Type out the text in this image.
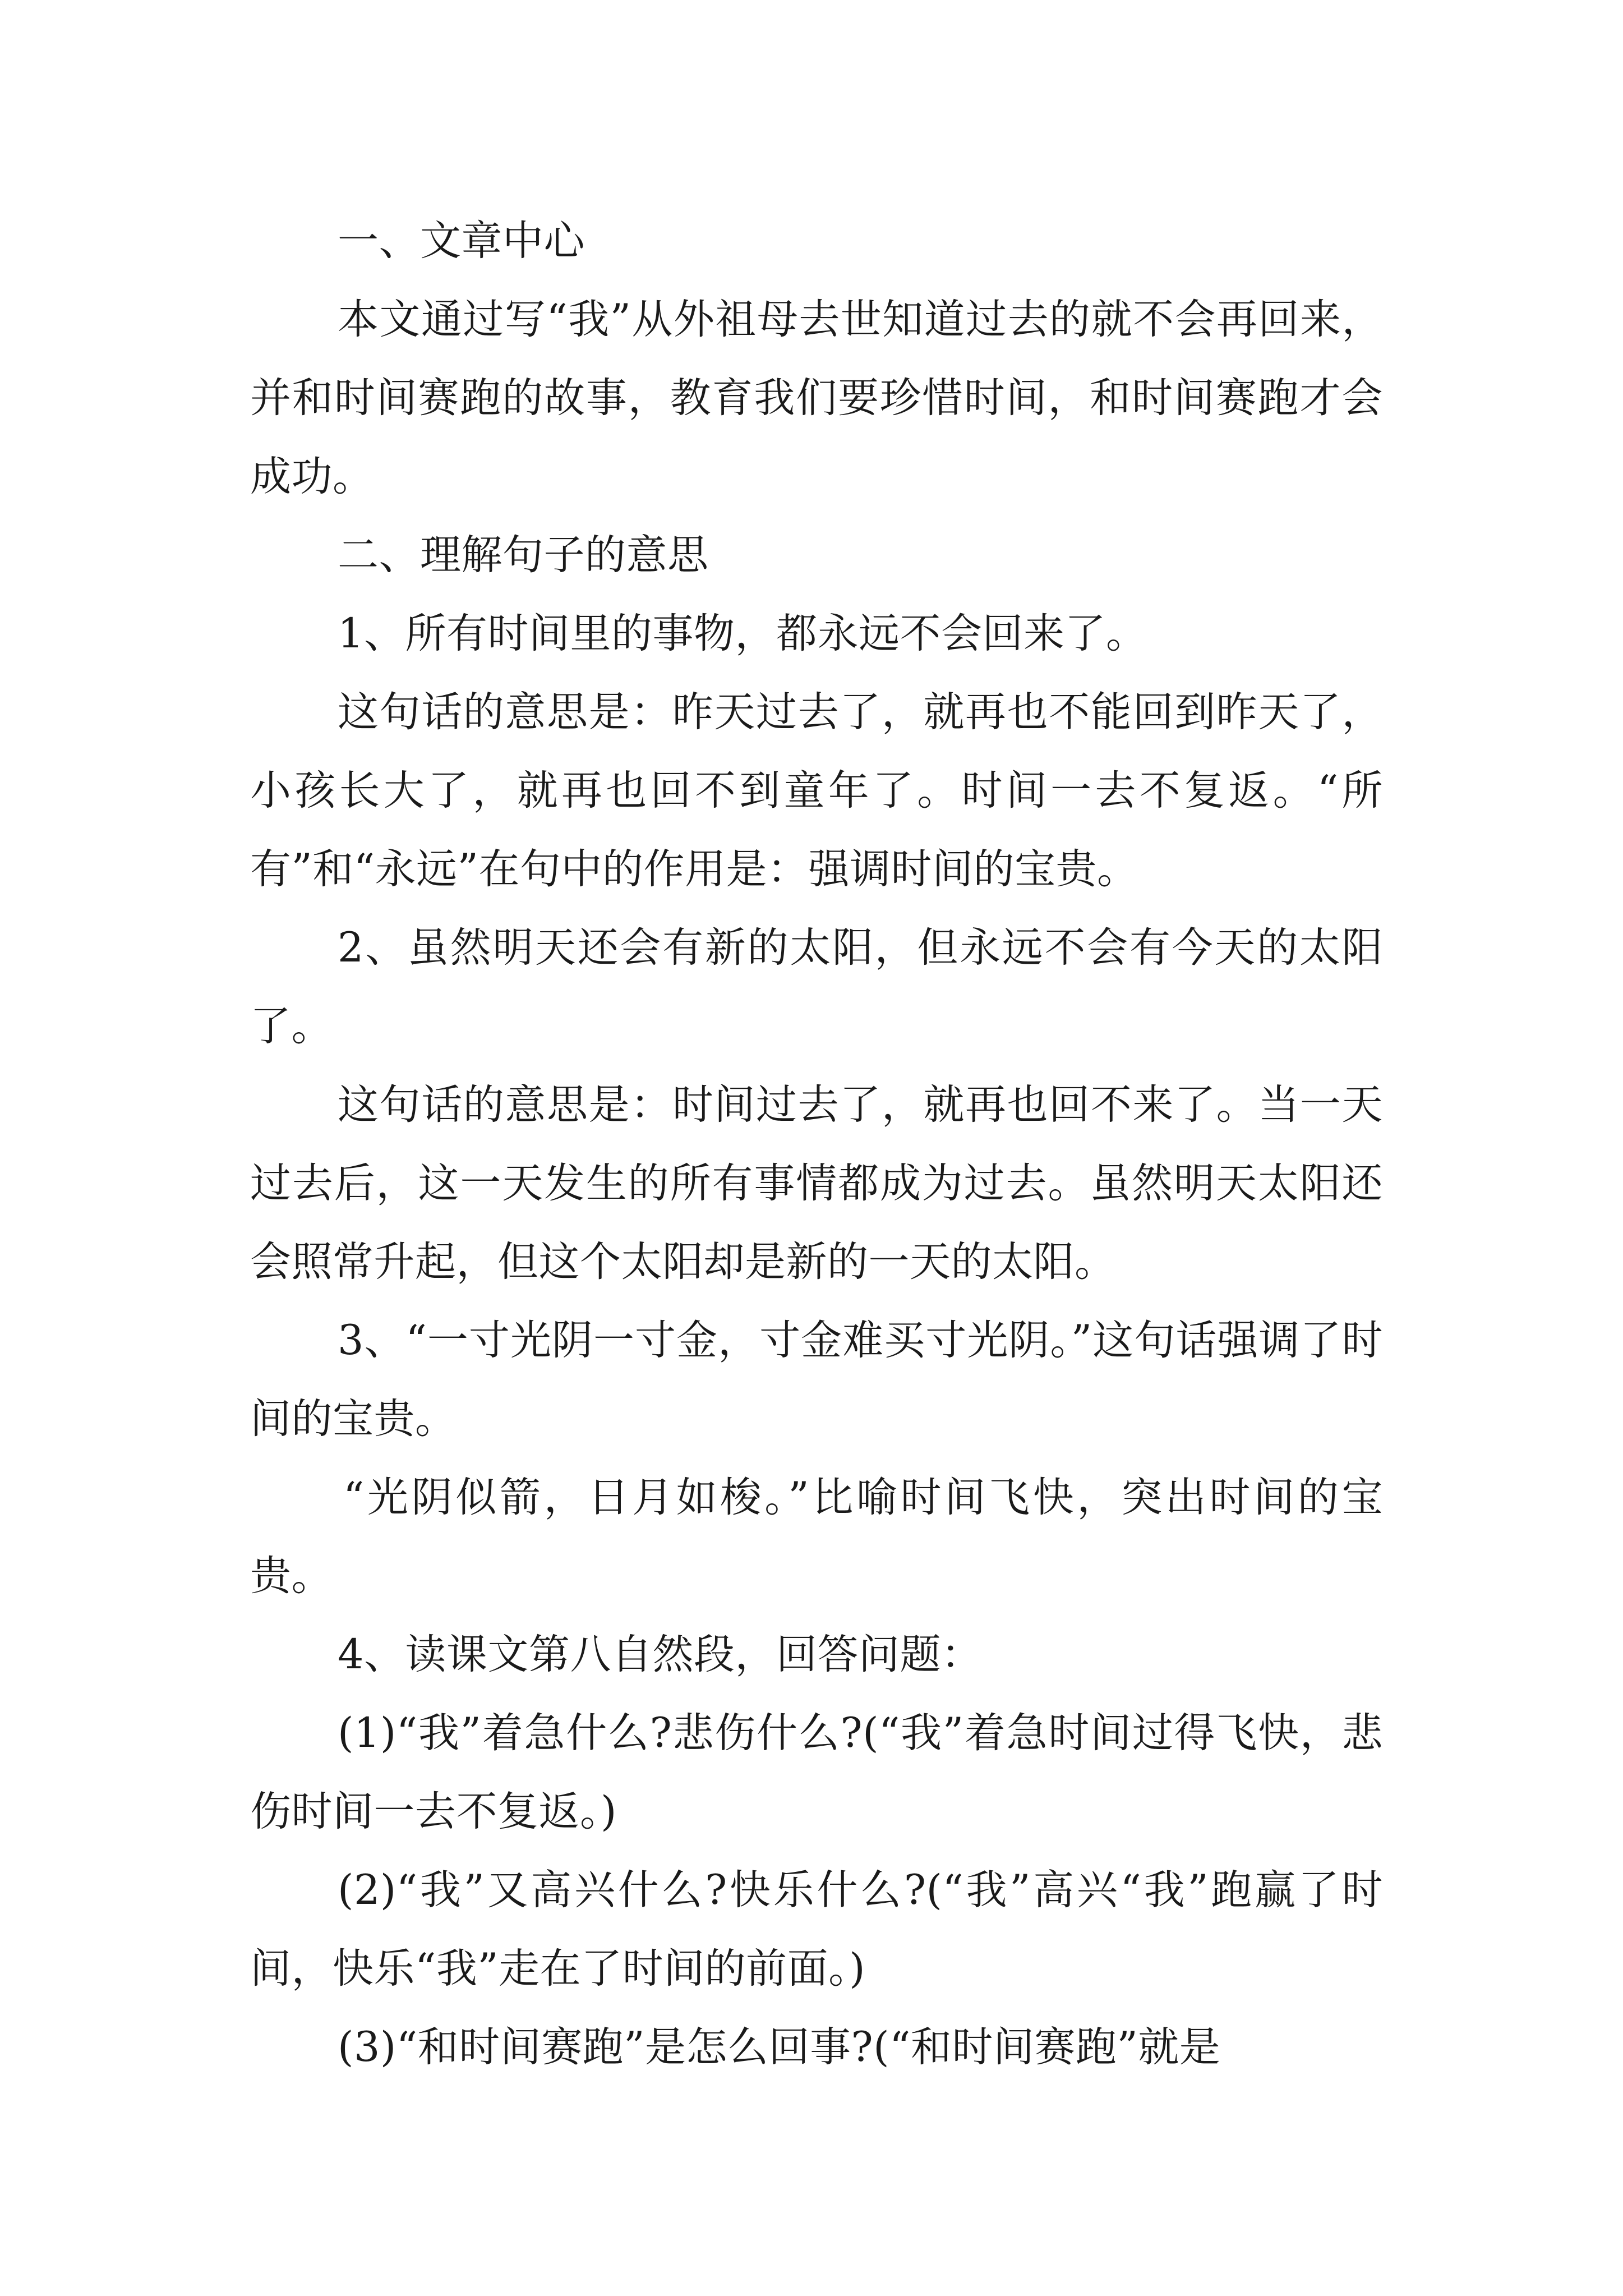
一、文章中心

本文通过写“我”从外祖母去世知道过去的就不会再回来，并和时间赛跑的故事，教育我们要珍惜时间，和时间赛跑才会成功。

二、理解句子的意思

1、所有时间里的事物，都永远不会回来了。

这句话的意思是：昨天过去了，就再也不能回到昨天了，小孩长大了，就再也回不到童年了。时间一去不复返。“所有”和“永远”在句中的作用是：强调时间的宝贵。

2、虽然明天还会有新的太阳，但永远不会有今天的太阳了。

这句话的意思是：时间过去了，就再也回不来了。当一天过去后，这一天发生的所有事情都成为过去。虽然明天太阳还会照常升起，但这个太阳却是新的一天的太阳。

3、“一寸光阴一寸金，寸金难买寸光阴。”这句话强调了时间的宝贵。

“光阴似箭，日月如梭。”比喻时间飞快，突出时间的宝贵。

4、读课文第八自然段，回答问题：

(1)“我”着急什么?悲伤什么?(“我”着急时间过得飞快，悲伤时间一去不复返。)

(2)“我”又高兴什么?快乐什么?(“我”高兴“我”跑赢了时间，快乐“我”走在了时间的前面。)

(3)“和时间赛跑”是怎么回事?(“和时间赛跑”就是
